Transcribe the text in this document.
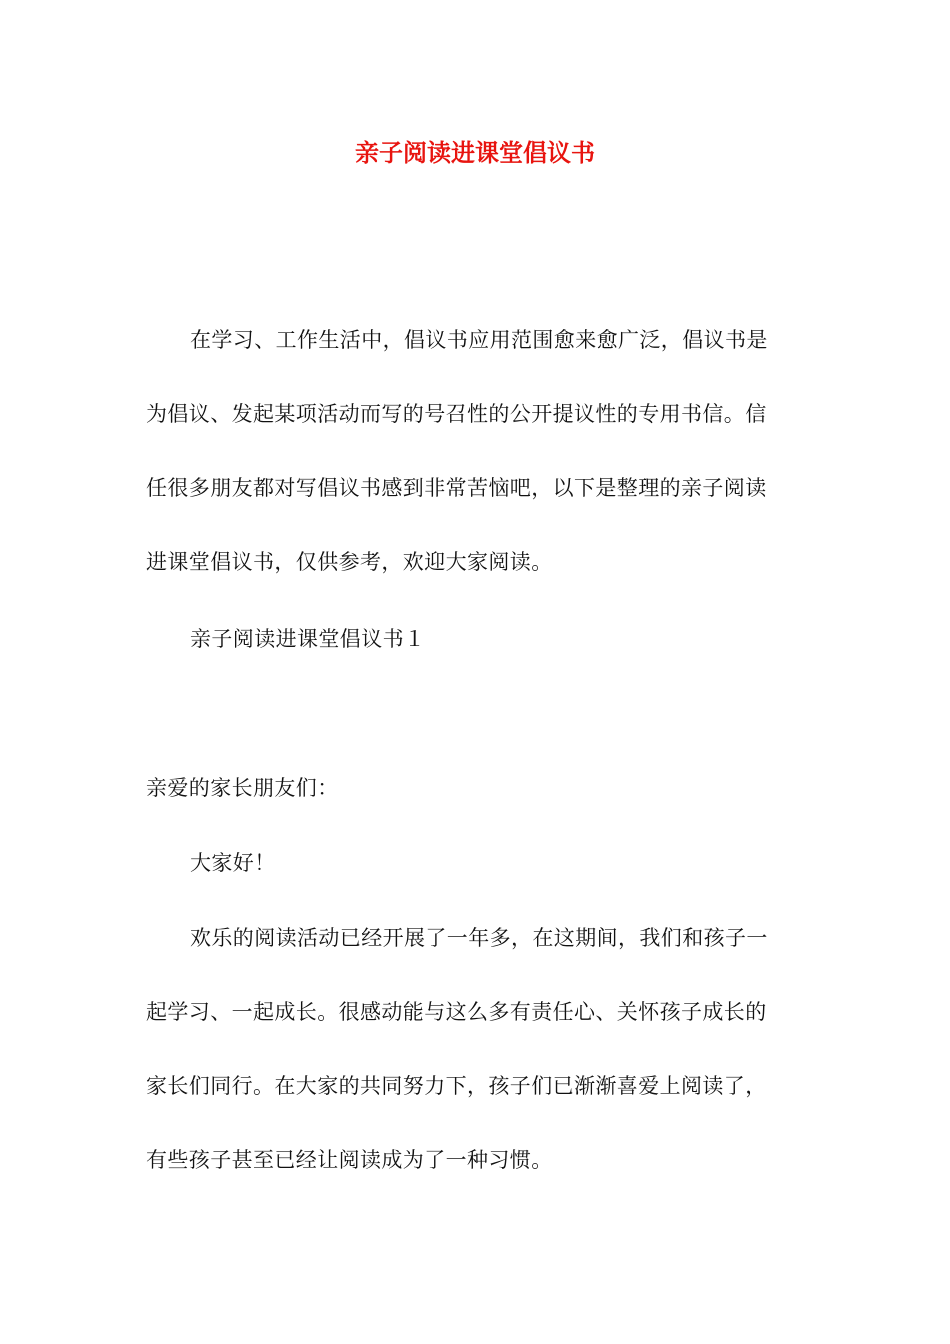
亲子阅读进课堂倡议书

在学习、工作生活中，倡议书应用范围愈来愈广泛，倡议书是
为倡议、发起某项活动而写的号召性的公开提议性的专用书信。信
任很多朋友都对写倡议书感到非常苦恼吧，以下是整理的亲子阅读
进课堂倡议书，仅供参考，欢迎大家阅读。

亲子阅读进课堂倡议书１
亲爱的家长朋友们：
大家好！

欢乐的阅读活动已经开展了一年多，在这期间，我们和孩子一
起学习、一起成长。很感动能与这么多有责任心、关怀孩子成长的
家长们同行。在大家的共同努力下，孩子们已渐渐喜爱上阅读了，
有些孩子甚至已经让阅读成为了一种习惯。
